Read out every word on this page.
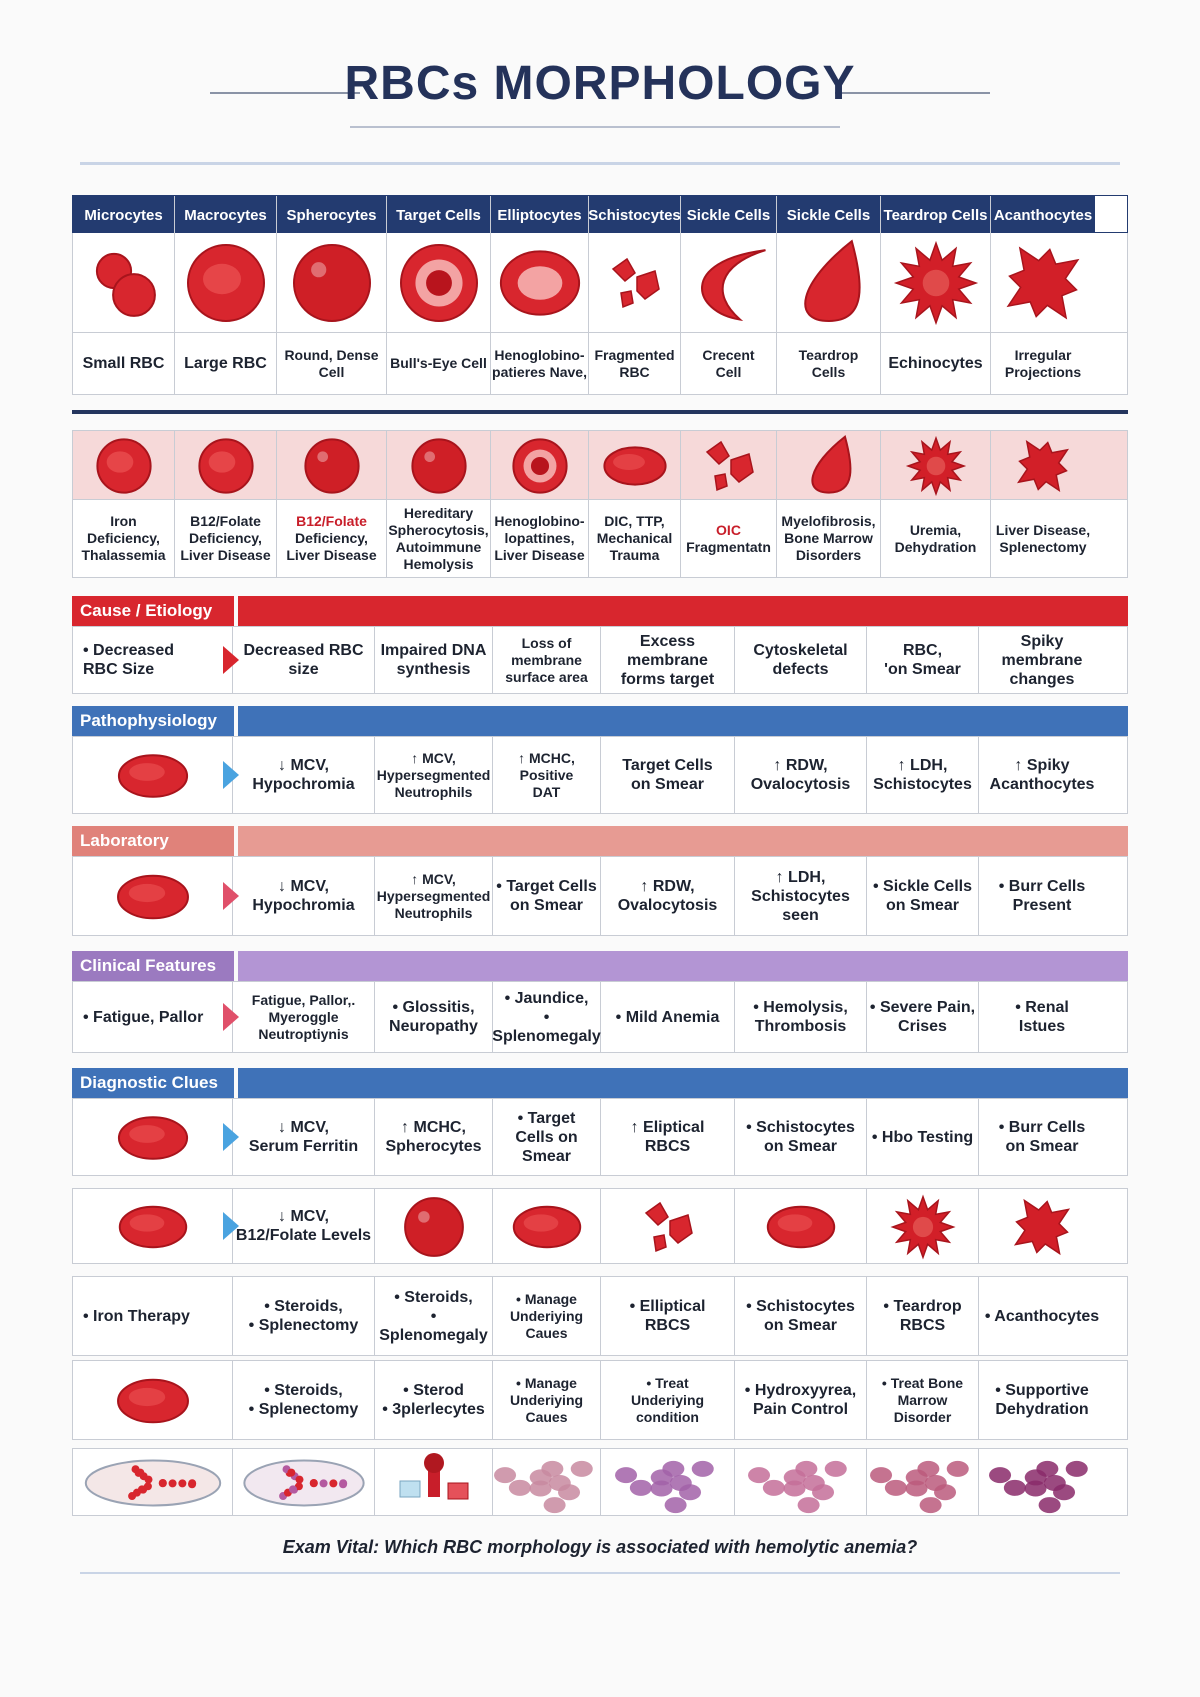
RBCs MORPHOLOGY
Microcytes Macrocytes Spherocytes Target Cells Elliptocytes Schistocytes Sickle Cells Sickle Cells Teardrop Cells Acanthocytes
Small RBC Large RBC
Round, Dense Cell
Bull's-Eye Cell
Henoglobino-
patieres Nave,
Fragmented
RBC
Crecent
Cell
Teardrop
Cells	Echinocytes
Irregular
Projections
Iron Deficiency,
Thalassemia
B12/Folate
Deficiency,
Liver Disease
B12/Folate
Deficiency,
Liver Disease
Hereditary
Spherocytosis,
Autoimmune
Hemolysis
Henoglobino-
lopattines,
Liver Disease
DIC, TTP,
Mechanical
Trauma
OIC
Fragmentatn
Myelofibrosis,
Bone Marrow
Disorders
Uremia,
Dehydration
Liver Disease,
Splenectomy
Cause / Etiology
• Decreased
RBC Size
Decreased RBC
size
Impaired DNA
synthesis
Loss of
membrane
surface area
Excess membrane
forms target
Cytoskeletal
defects
RBC,
'on Smear
Spiky membrane
changes
Pathophysiology
↓ MCV,
Hypochromia
↑ MCV,
Hypersegmented
Neutrophils
↑ MCHC,
Positive
DAT
Target Cells
on Smear
↑ RDW,
Ovalocytosis
↑ LDH,
Schistocytes
↑ Spiky
Acanthocytes
Laboratory
↓ MCV,
Hypochromia
↑ MCV,
Hypersegmented
Neutrophils
• Target Cells
on Smear
↑ RDW,
Ovalocytosis
↑ LDH,
Schistocytes seen
• Sickle Cells
on Smear
• Burr Cells
Present
Clinical Features
• Fatigue, Pallor
Fatigue, Pallor,.
Myeroggle
Neutroptiynis
• Glossitis,
Neuropathy
• Jaundice,
• Splenomegaly
• Mild Anemia
• Hemolysis,
Thrombosis
• Severe Pain,
Crises
• Renal
Istues
Diagnostic Clues
↓ MCV,
Serum Ferritin
↑ MCHC,
Spherocytes
• Target
Cells on Smear
↑ Eliptical
RBCS
• Schistocytes
on Smear
• Hbo Testing
• Burr Cells
on Smear
↓ MCV,
B12/Folate Levels
• Iron Therapy
• Steroids,
• Splenectomy
• Steroids,
• Splenomegaly
• Manage
Underiying
Caues
• Elliptical
RBCS
• Schistocytes
on Smear
• Teardrop
RBCS
• Acanthocytes
• Steroids,
• Splenectomy
• Sterod
• 3plerlecytes
• Manage
Underiying
Caues
• Treat
Underiying
condition
• Hydroxyyrea,
Pain Control
• Treat Bone
Marrow
Disorder
• Supportive
Dehydration
Exam Vital: Which RBC morphology is associated with hemolytic anemia?
